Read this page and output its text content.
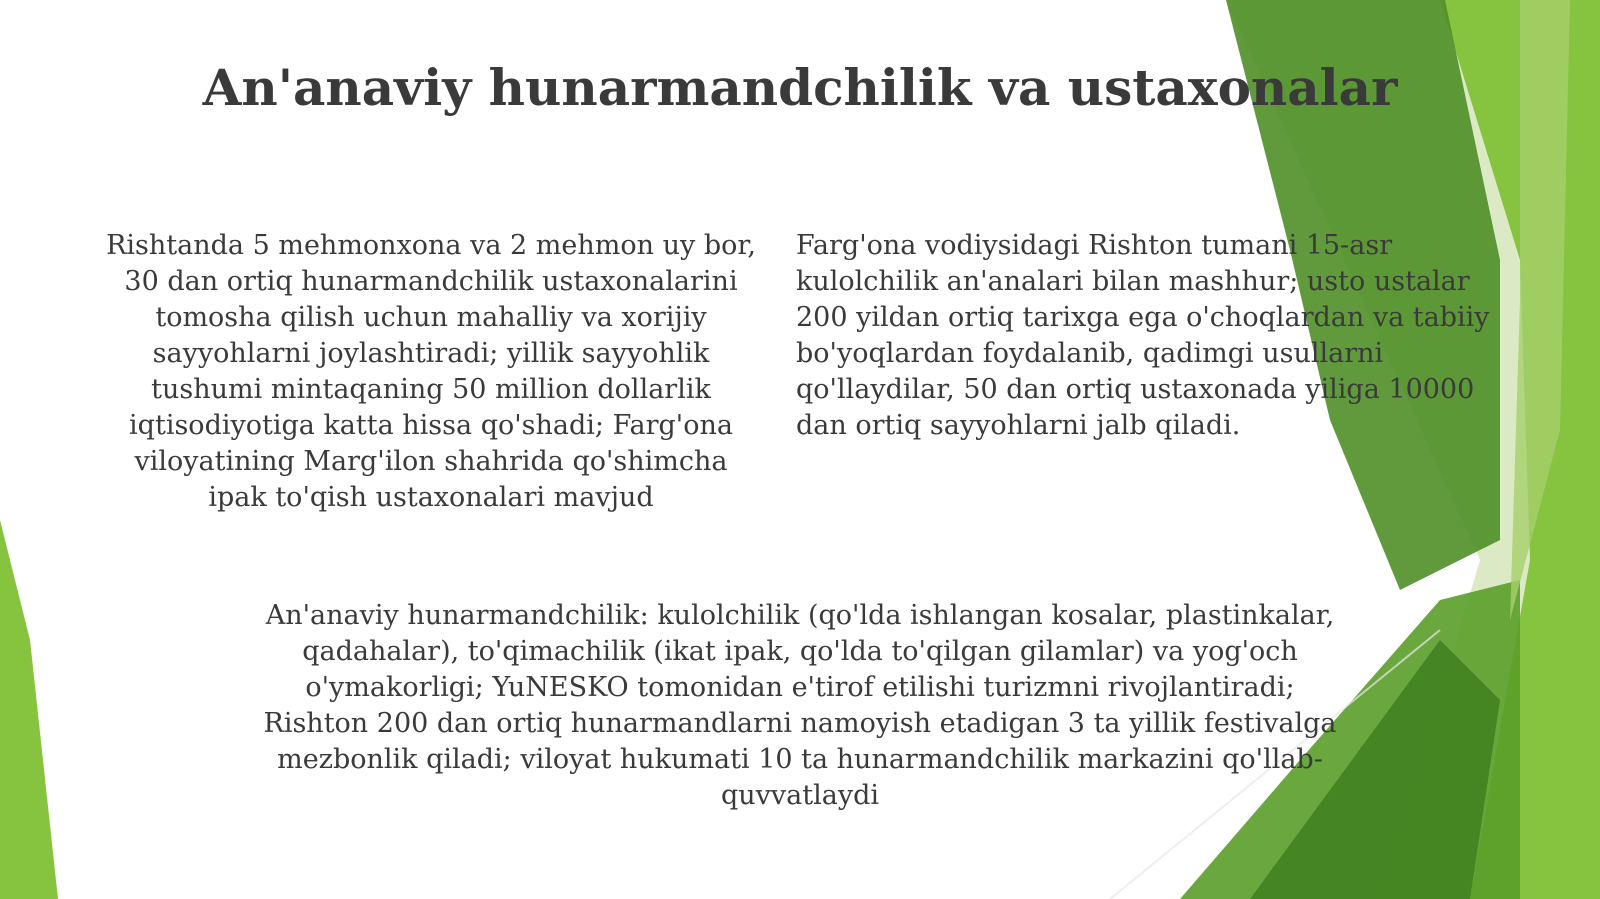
An'anaviy hunarmandchilik va ustaxonalar

Rishtanda 5 mehmonxona va 2 mehmon uy bor, 30 dan ortiq hunarmandchilik ustaxonalarini tomosha qilish uchun mahalliy va xorijiy sayyohlarni joylashtiradi; yillik sayyohlik tushumi mintaqaning 50 million dollarlik iqtisodiyotiga katta hissa qo'shadi; Farg'ona viloyatining Marg'ilon shahrida qo'shimcha ipak to'qish ustaxonalari mavjud

Farg'ona vodiysidagi Rishton tumani 15-asr kulolchilik an'analari bilan mashhur; usto ustalar 200 yildan ortiq tarixga ega o'choqlardan va tabiiy bo'yoqlardan foydalanib, qadimgi usullarni qo'llaydilar, 50 dan ortiq ustaxonada yiliga 10000 dan ortiq sayyohlarni jalb qiladi.

An'anaviy hunarmandchilik: kulolchilik (qo'lda ishlangan kosalar, plastinkalar, qadahalar), to'qimachilik (ikat ipak, qo'lda to'qilgan gilamlar) va yog'och o'ymakorligi; YuNESKO tomonidan e'tirof etilishi turizmni rivojlantiradi; Rishton 200 dan ortiq hunarmandlarni namoyish etadigan 3 ta yillik festivalga mezbonlik qiladi; viloyat hukumati 10 ta hunarmandchilik markazini qo'llab-quvvatlaydi
